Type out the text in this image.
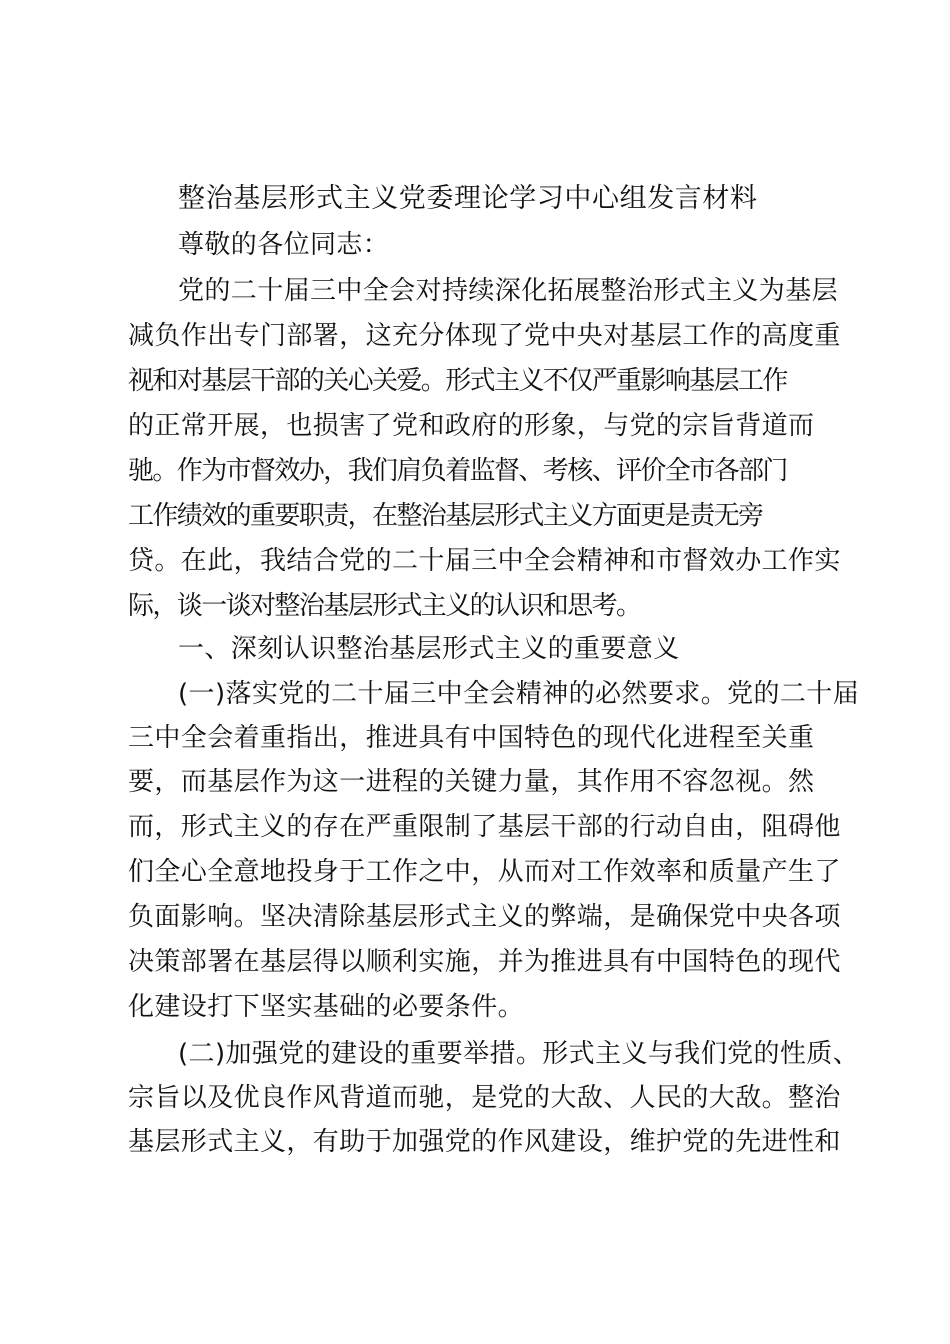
整治基层形式主义党委理论学习中心组发言材料
尊敬的各位同志：
党的二十届三中全会对持续深化拓展整治形式主义为基层
减负作出专门部署，这充分体现了党中央对基层工作的高度重
视和对基层干部的关心关爱。形式主义不仅严重影响基层工作
的正常开展，也损害了党和政府的形象，与党的宗旨背道而
驰。作为市督效办，我们肩负着监督、考核、评价全市各部门
工作绩效的重要职责，在整治基层形式主义方面更是责无旁
贷。在此，我结合党的二十届三中全会精神和市督效办工作实
际，谈一谈对整治基层形式主义的认识和思考。
一、深刻认识整治基层形式主义的重要意义
(一)落实党的二十届三中全会精神的必然要求。党的二十届
三中全会着重指出，推进具有中国特色的现代化进程至关重
要，而基层作为这一进程的关键力量，其作用不容忽视。然
而，形式主义的存在严重限制了基层干部的行动自由，阻碍他
们全心全意地投身于工作之中，从而对工作效率和质量产生了
负面影响。坚决清除基层形式主义的弊端，是确保党中央各项
决策部署在基层得以顺利实施，并为推进具有中国特色的现代
化建设打下坚实基础的必要条件。
(二)加强党的建设的重要举措。形式主义与我们党的性质、
宗旨以及优良作风背道而驰，是党的大敌、人民的大敌。整治
基层形式主义，有助于加强党的作风建设，维护党的先进性和
